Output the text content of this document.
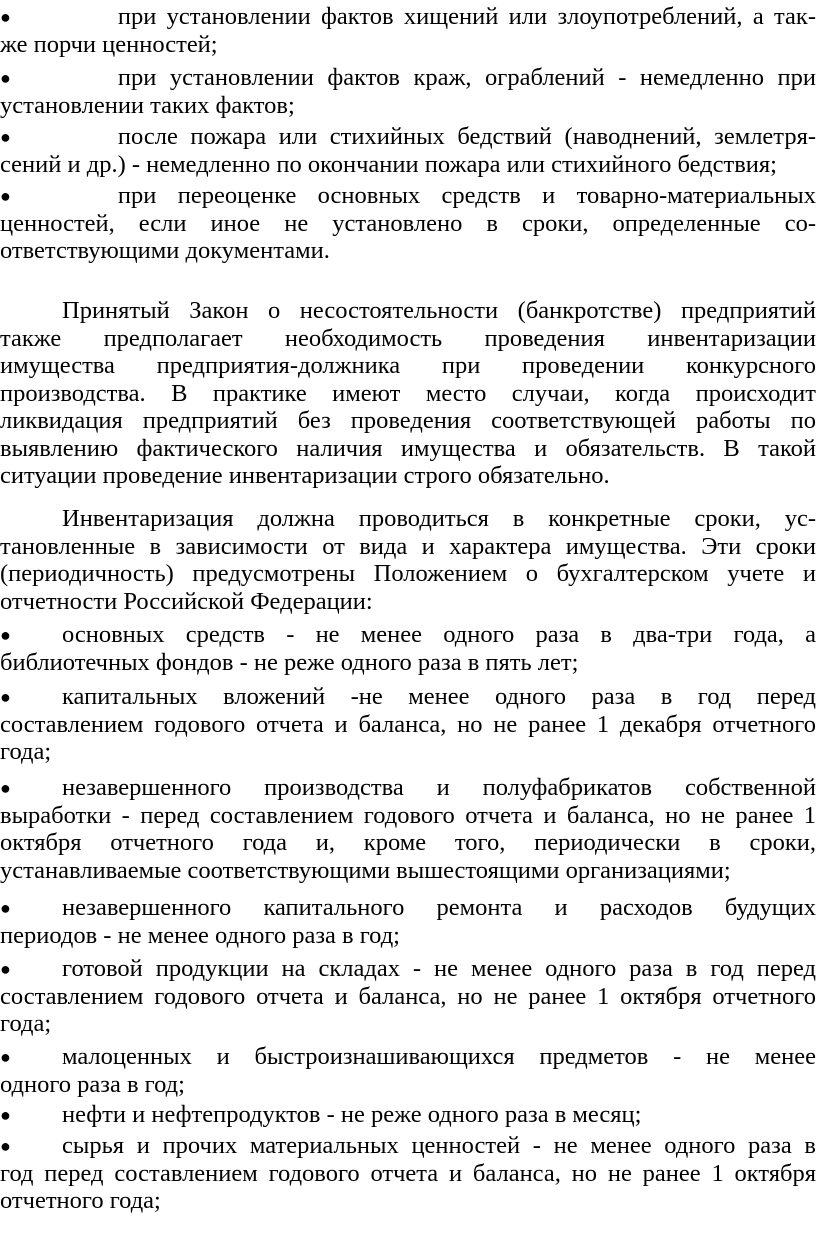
●	при установлении фактов хищений или злоупотреблений, а так-
же порчи ценностей;
●	при установлении фактов краж, ограблений - немедленно при
установлении таких фактов;
●	после пожара или стихийных бедствий (наводнений, землетря-
сений и др.) - немедленно по окончании пожара или стихийного бедствия;
●	при переоценке основных средств и товарно-материальных
ценностей, если иное не установлено в сроки, определенные со-
ответствующими документами.
Принятый Закон о несостоятельности (банкротстве) предприятий
также предполагает необходимость проведения инвентаризации
имущества предприятия-должника при проведении конкурсного
производства. В практике имеют место случаи, когда происходит
ликвидация предприятий без проведения соответствующей работы по
выявлению фактического наличия имущества и обязательств. В такой
ситуации проведение инвентаризации строго обязательно.
Инвентаризация должна проводиться в конкретные сроки, ус-
тановленные в зависимости от вида и характера имущества. Эти сроки
(периодичность) предусмотрены Положением о бухгалтерском учете и
отчетности Российской Федерации:
● основных средств - не менее одного раза в два-три года, а
библиотечных фондов - не реже одного раза в пять лет;
● капитальных вложений -не менее одного раза в год перед
составлением годового отчета и баланса, но не ранее 1 декабря отчетного
года;
● незавершенного производства и полуфабрикатов собственной
выработки - перед составлением годового отчета и баланса, но не ранее 1
октября отчетного года и, кроме того, периодически в сроки,
устанавливаемые соответствующими вышестоящими организациями;
● незавершенного капитального ремонта и расходов будущих
периодов - не менее одного раза в год;
● готовой продукции на складах - не менее одного раза в год перед
составлением годового отчета и баланса, но не ранее 1 октября отчетного
года;
● малоценных и быстроизнашивающихся предметов - не менее
одного раза в год;
● нефти и нефтепродуктов - не реже одного раза в месяц;
● сырья и прочих материальных ценностей - не менее одного раза в
год перед составлением годового отчета и баланса, но не ранее 1 октября
отчетного года;
